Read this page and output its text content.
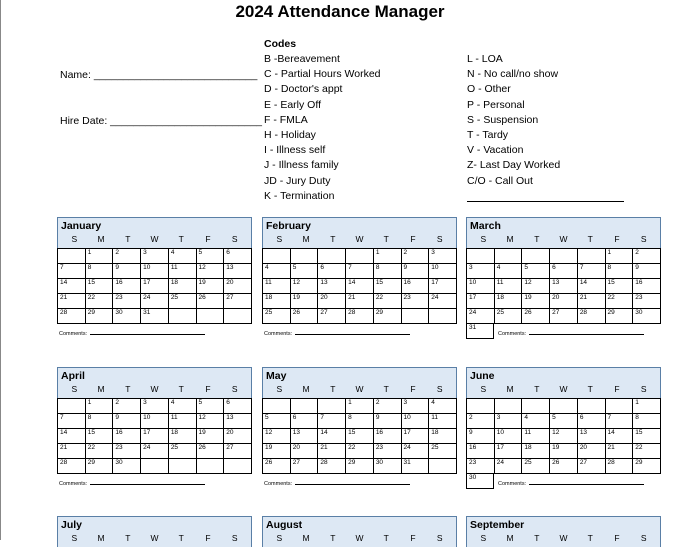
2024 Attendance Manager
Name: ____________________________
Hire Date: __________________________
Codes
B -Bereavement
C - Partial Hours Worked
D - Doctor's appt
E - Early Off
F - FMLA
H - Holiday
I - Illness self
J - Illness family
JD - Jury Duty
K - Termination
L - LOA
N - No call/no show
O - Other
P - Personal
S - Suspension
T - Tardy
V - Vacation
Z- Last Day Worked
C/O - Call Out
January
S	M	T	W	T	F	S
	1	2	3	4	5	6
7	8	9	10	11	12	13
14	15	16	17	18	19	20
21	22	23	24	25	26	27
28	29	30	31			
Comments:
February
S	M	T	W	T	F	S
				1	2	3
4	5	6	7	8	9	10
11	12	13	14	15	16	17
18	19	20	21	22	23	24
25	26	27	28	29		
Comments:
March
S	M	T	W	T	F	S
					1	2
3	4	5	6	7	8	9
10	11	12	13	14	15	16
17	18	19	20	21	22	23
24	25	26	27	28	29	30
31
Comments:
April
S	M	T	W	T	F	S
	1	2	3	4	5	6
7	8	9	10	11	12	13
14	15	16	17	18	19	20
21	22	23	24	25	26	27
28	29	30				
Comments:
May
S	M	T	W	T	F	S
			1	2	3	4
5	6	7	8	9	10	11
12	13	14	15	16	17	18
19	20	21	22	23	24	25
26	27	28	29	30	31	
Comments:
June
S	M	T	W	T	F	S
						1
2	3	4	5	6	7	8
9	10	11	12	13	14	15
16	17	18	19	20	21	22
23	24	25	26	27	28	29
30
Comments:
July
S	M	T	W	T	F	S
August
S	M	T	W	T	F	S
September
S	M	T	W	T	F	S
